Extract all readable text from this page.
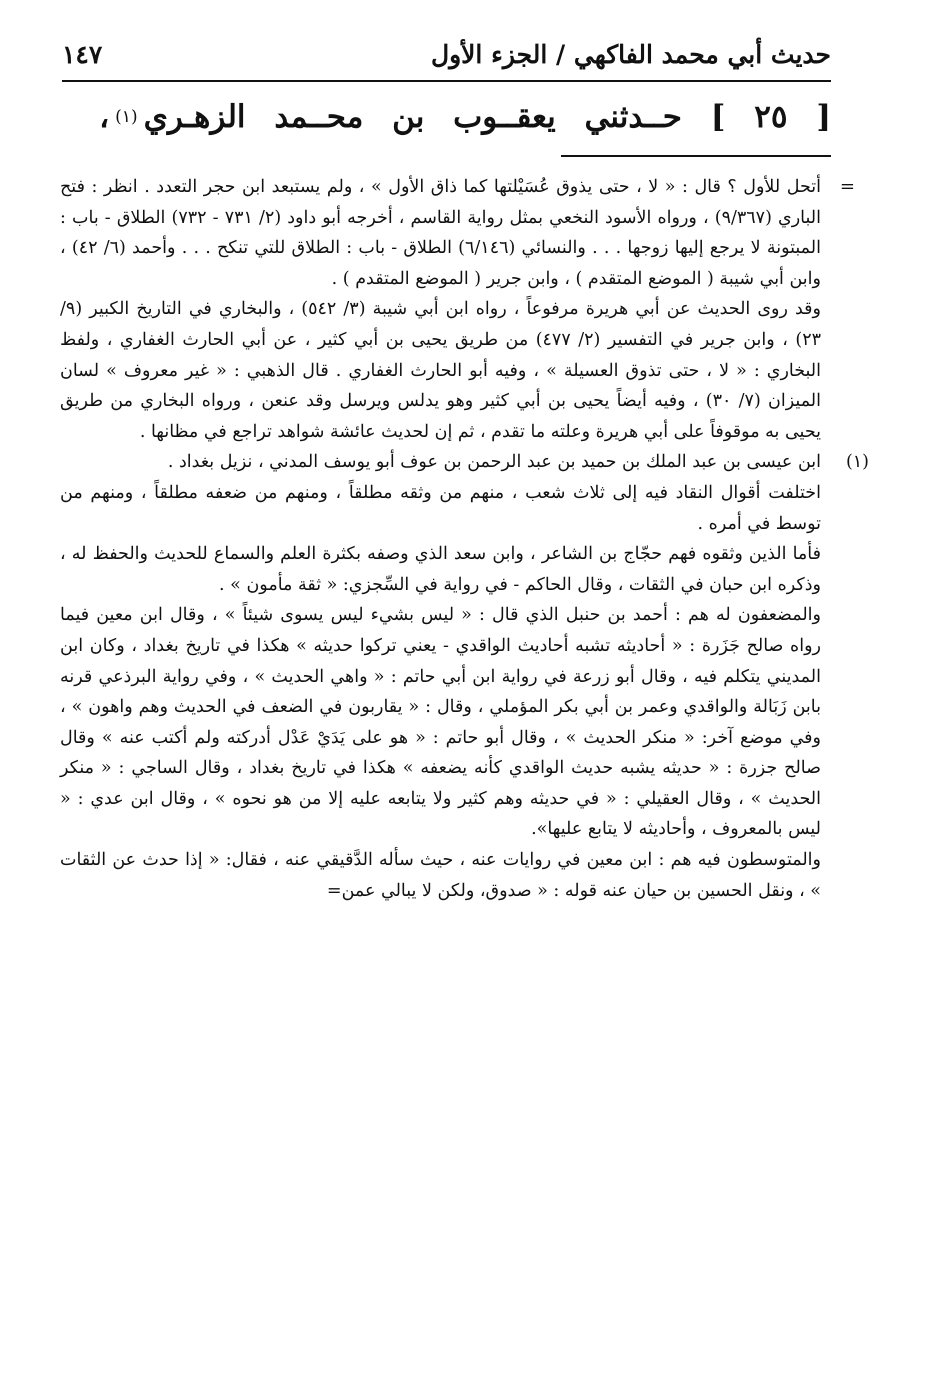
حديث أبي محمد الفاكهي / الجزء الأول
١٤٧
[ ٢٥ ] حــدثني يعقــوب بن محــمد الزهـري
(١)
،
=

أتحل للأول ؟ قال : « لا ، حتى يذوق عُسَيْلتها كما ذاق الأول » ، ولم يستبعد ابن حجر التعدد . انظر : فتح الباري (٩/٣٦٧) ، ورواه الأسود النخعي بمثل رواية القاسم ، أخرجه أبو داود (٢/ ٧٣١ - ٧٣٢) الطلاق - باب : المبتونة لا يرجع إليها زوجها . . . والنسائي (٦/١٤٦) الطلاق - باب : الطلاق للتي تنكح . . . وأحمد (٦/ ٤٢) ، وابن أبي شيبة ( الموضع المتقدم ) ، وابن جرير ( الموضع المتقدم ) .

وقد روى الحديث عن أبي هريرة مرفوعاً ، رواه ابن أبي شيبة (٣/ ٥٤٢) ، والبخاري في التاريخ الكبير (٩/ ٢٣) ، وابن جرير في التفسير (٢/ ٤٧٧) من طريق يحيى بن أبي كثير ، عن أبي الحارث الغفاري ، ولفظ البخاري : « لا ، حتى تذوق العسيلة » ، وفيه أبو الحارث الغفاري . قال الذهبي : « غير معروف » لسان الميزان (٧/ ٣٠) ، وفيه أيضاً يحيى بن أبي كثير وهو يدلس ويرسل وقد عنعن ، ورواه البخاري من طريق يحيى به موقوفاً على أبي هريرة وعلته ما تقدم ، ثم إن لحديث عائشة شواهد تراجع في مظانها .

(١)

ابن عيسى بن عبد الملك بن حميد بن عبد الرحمن بن عوف أبو يوسف المدني ، نزيل بغداد .

اختلفت أقوال النقاد فيه إلى ثلاث شعب ، منهم من وثقه مطلقاً ، ومنهم من ضعفه مطلقاً ، ومنهم من توسط في أمره .

فأما الذين وثقوه فهم حجّاج بن الشاعر ، وابن سعد الذي وصفه بكثرة العلم والسماع للحديث والحفظ له ، وذكره ابن حبان في الثقات ، وقال الحاكم - في رواية في السِّجزي: « ثقة مأمون » .

والمضعفون له هم : أحمد بن حنبل الذي قال : « ليس بشيء ليس يسوى شيئاً » ، وقال ابن معين فيما رواه صالح جَزَرة : « أحاديثه تشبه أحاديث الواقدي - يعني تركوا حديثه » هكذا في تاريخ بغداد ، وكان ابن المديني يتكلم فيه ، وقال أبو زرعة في رواية ابن أبي حاتم : « واهي الحديث » ، وفي رواية البرذعي قرنه بابن زَبَالة والواقدي وعمر بن أبي بكر المؤملي ، وقال : « يقاربون في الضعف في الحديث وهم واهون » ، وفي موضع آخر: « منكر الحديث » ، وقال أبو حاتم : « هو على يَدَيْ عَدْل أدركته ولم أكتب عنه » وقال صالح جزرة : « حديثه يشبه حديث الواقدي كأنه يضعفه » هكذا في تاريخ بغداد ، وقال الساجي : « منكر الحديث » ، وقال العقيلي : « في حديثه وهم كثير ولا يتابعه عليه إلا من هو نحوه » ، وقال ابن عدي : « ليس بالمعروف ، وأحاديثه لا يتابع عليها».

والمتوسطون فيه هم : ابن معين في روايات عنه ، حيث سأله الدَّقيقي عنه ، فقال: « إذا حدث عن الثقات » ، ونقل الحسين بن حيان عنه قوله : « صدوق، ولكن لا يبالي عمن=
